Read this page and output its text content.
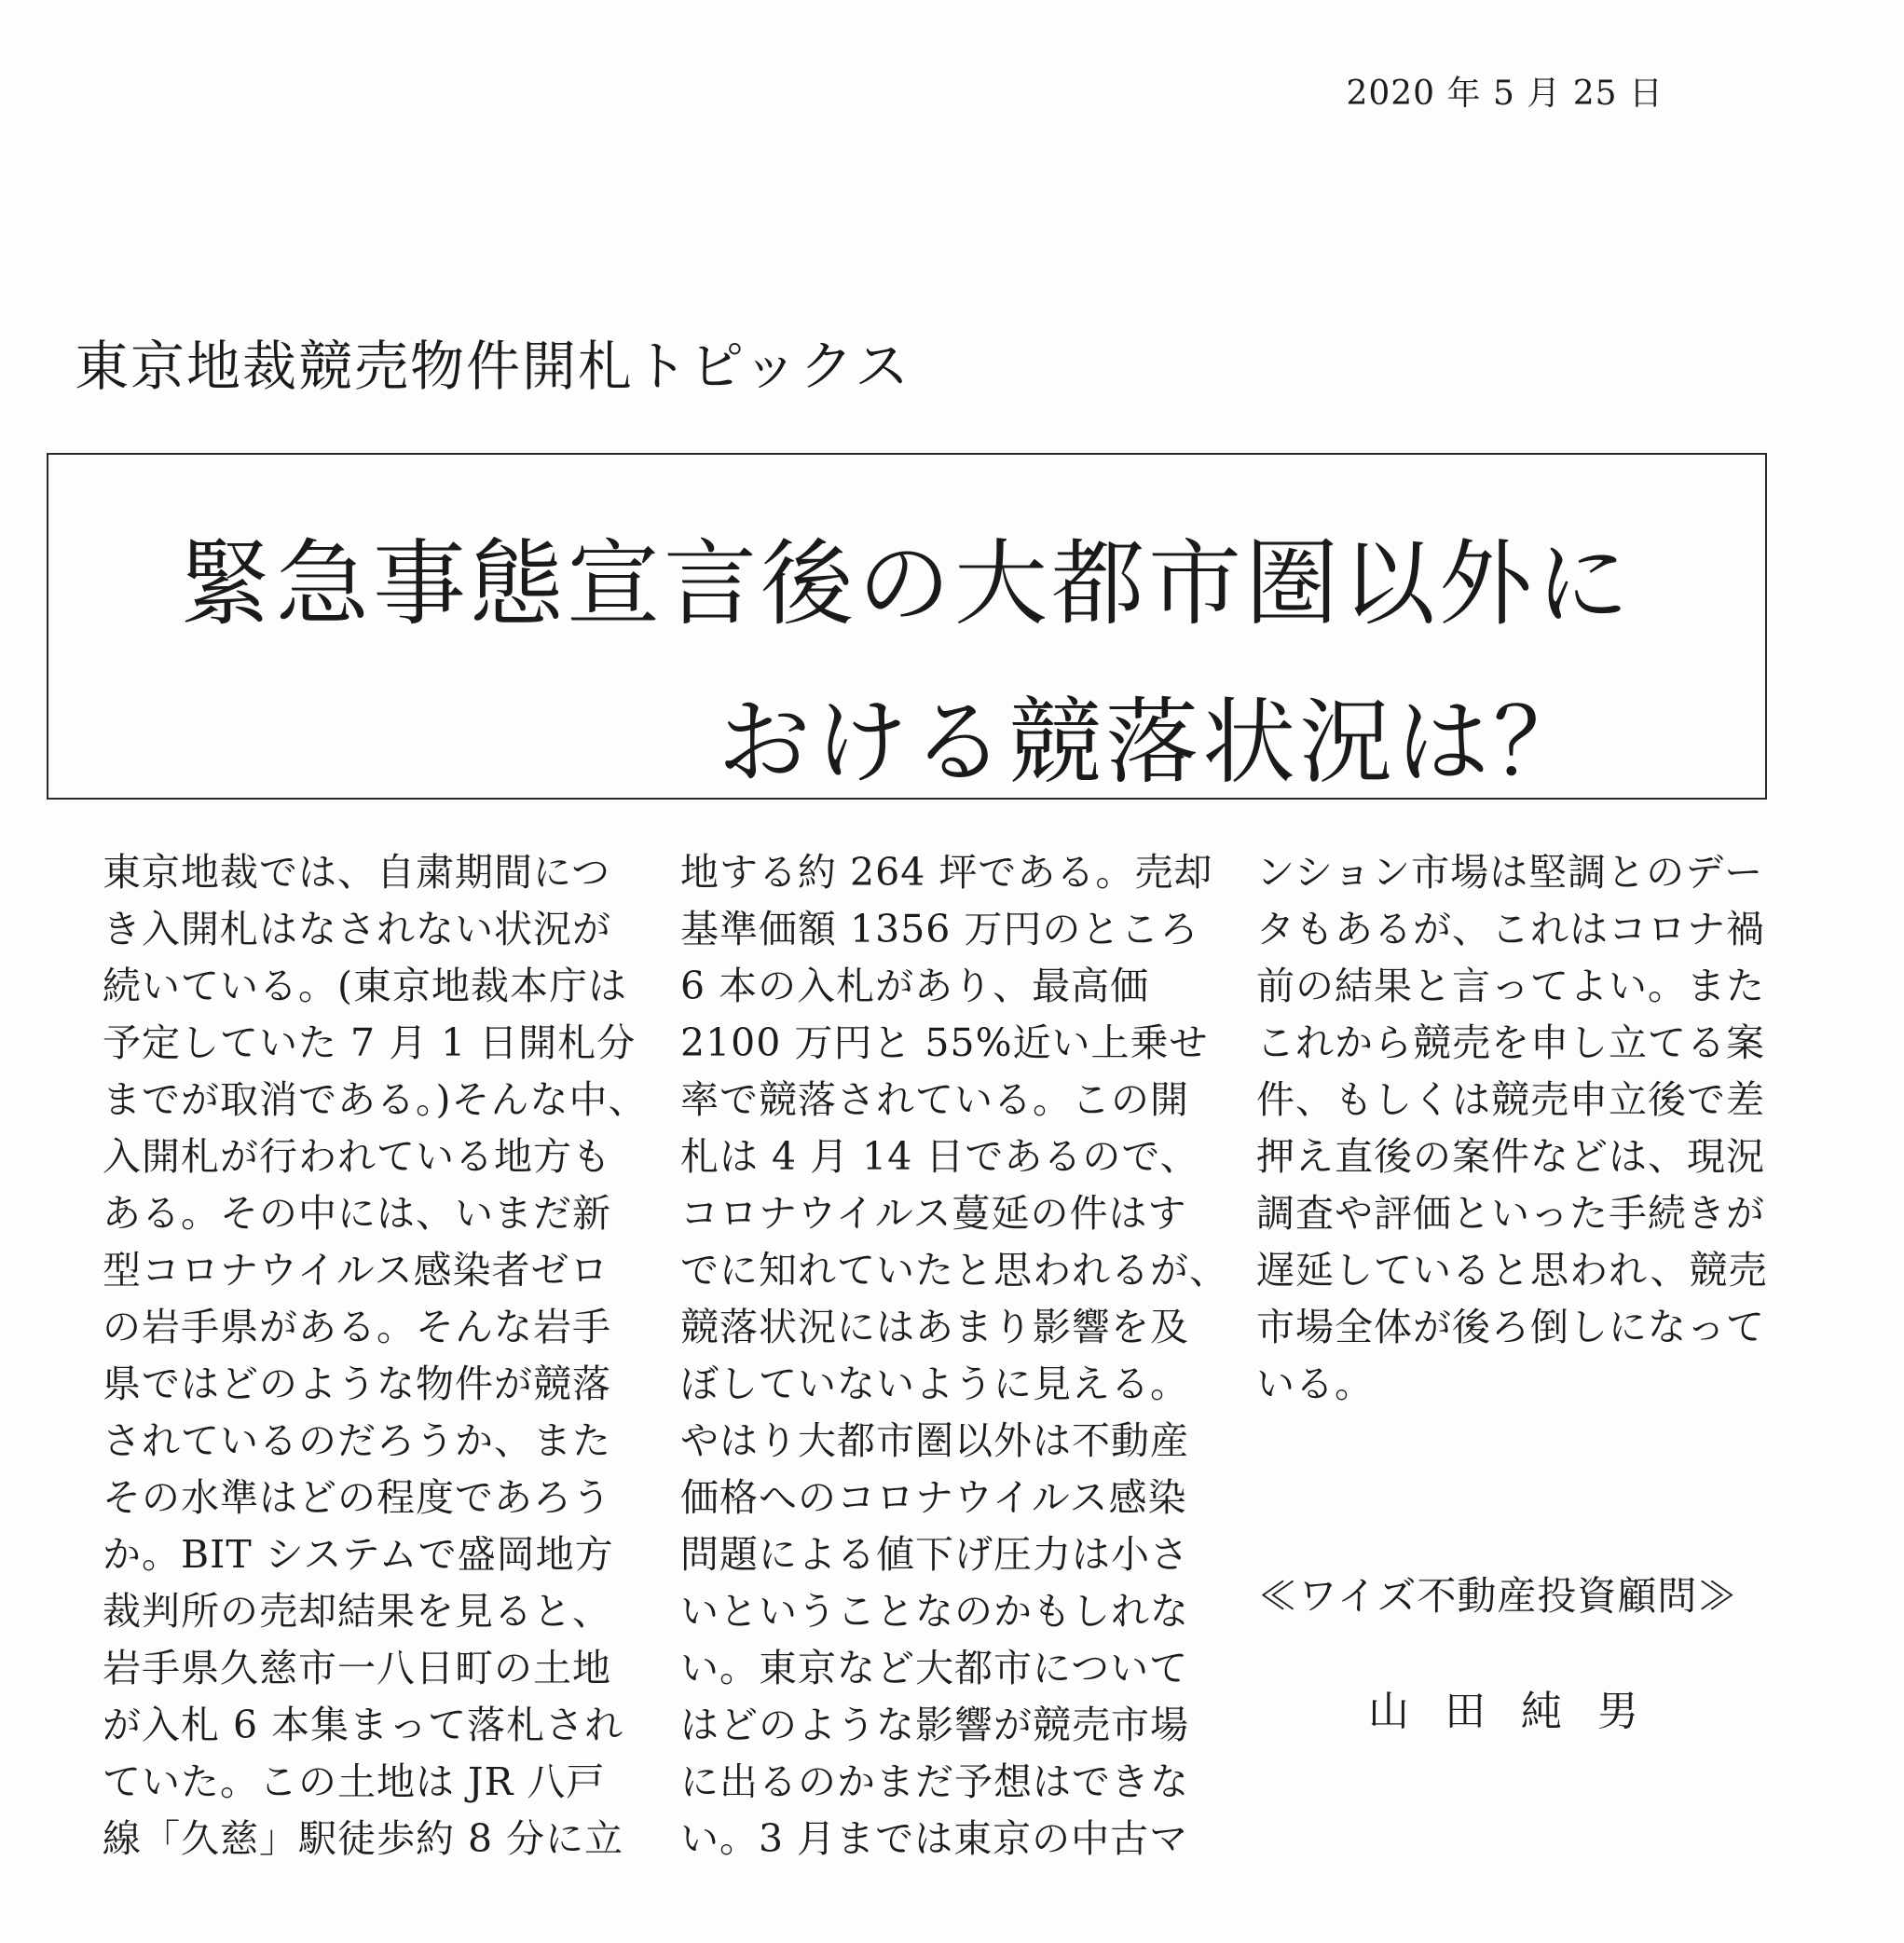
2020 年 5 月 25 日
東京地裁競売物件開札トピックス
緊急事態宣言後の大都市圏以外に
おける競落状況は？
東京地裁では、自粛期間につ
き入開札はなされない状況が
続いている。(東京地裁本庁は
予定していた 7 月 1 日開札分
までが取消である。)そんな中、
入開札が行われている地方も
ある。その中には、いまだ新
型コロナウイルス感染者ゼロ
の岩手県がある。そんな岩手
県ではどのような物件が競落
されているのだろうか、また
その水準はどの程度であろう
か。BIT システムで盛岡地方
裁判所の売却結果を見ると、
岩手県久慈市一八日町の土地
が入札 6 本集まって落札され
ていた。この土地は JR 八戸
線「久慈」駅徒歩約 8 分に立
地する約 264 坪である。売却
基準価額 1356 万円のところ
6 本の入札があり、最高価
2100 万円と 55%近い上乗せ
率で競落されている。この開
札は 4 月 14 日であるので、
コロナウイルス蔓延の件はす
でに知れていたと思われるが、
競落状況にはあまり影響を及
ぼしていないように見える。
やはり大都市圏以外は不動産
価格へのコロナウイルス感染
問題による値下げ圧力は小さ
いということなのかもしれな
い。東京など大都市について
はどのような影響が競売市場
に出るのかまだ予想はできな
い。3 月までは東京の中古マ
ンション市場は堅調とのデー
タもあるが、これはコロナ禍
前の結果と言ってよい。また
これから競売を申し立てる案
件、もしくは競売申立後で差
押え直後の案件などは、現況
調査や評価といった手続きが
遅延していると思われ、競売
市場全体が後ろ倒しになって
いる。
≪ワイズ不動産投資顧問≫
山田純男
